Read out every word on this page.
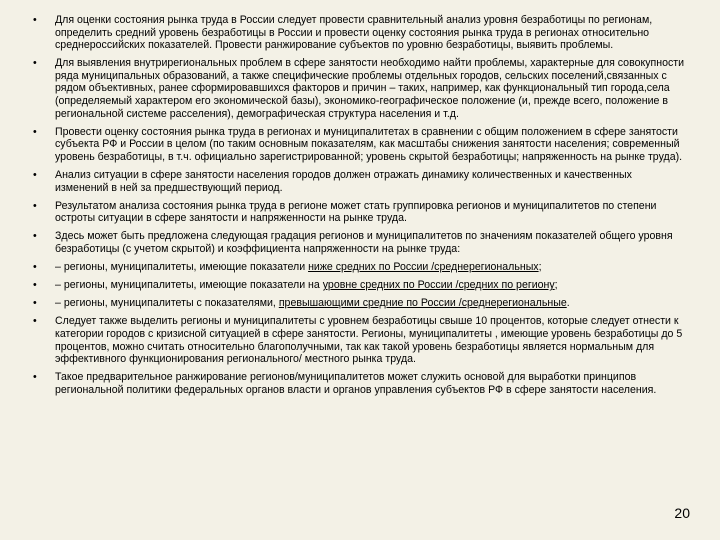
• Для оценки состояния рынка труда в России следует провести сравнительный анализ уровня безработицы по регионам, определить средний уровень безработицы в России и провести оценку состояния рынка труда в регионах относительно среднероссийских показателей. Провести ранжирование субъектов по уровню безработицы, выявить проблемы.
• Для выявления внутрирегиональных проблем в сфере занятости необходимо найти проблемы, характерные для совокупности ряда муниципальных образований, а также специфические проблемы отдельных городов, сельских поселений,связанных с рядом объективных, ранее сформировавшихся факторов и причин – таких, например, как функциональный тип города,села (определяемый характером его экономической базы), экономико-географическое положение (и, прежде всего, положение в региональной системе расселения), демографическая структура населения и т.д.
• Провести оценку состояния рынка труда в регионах и муниципалитетах в сравнении с общим положением в сфере занятости субъекта РФ и России в целом (по таким основным показателям, как масштабы снижения занятости населения; современный уровень безработицы, в т.ч. официально зарегистрированной; уровень скрытой безработицы; напряженность на рынке труда).
• Анализ ситуации в сфере занятости населения городов должен отражать динамику количественных и качественных изменений в ней за предшествующий период.
• Результатом анализа состояния рынка труда в регионе может стать группировка регионов и муниципалитетов по степени остроты ситуации в сфере занятости и напряженности на рынке труда.
• Здесь может быть предложена следующая градация регионов и муниципалитетов по значениям показателей общего уровня безработицы (с учетом скрытой) и коэффициента напряженности на рынке труда:
• – регионы, муниципалитеты, имеющие показатели ниже средних по России /среднерегиональных;
• – регионы, муниципалитеты, имеющие показатели на уровне средних по России /средних по региону;
• – регионы, муниципалитеты с показателями, превышающими средние по России /среднерегиональные.
• Следует также выделить регионы и муниципалитеты с уровнем безработицы свыше 10 процентов, которые следует отнести к категории городов с кризисной ситуацией в сфере занятости. Регионы, муниципалитеты , имеющие уровень безработицы до 5 процентов, можно считать относительно благополучными, так как такой уровень безработицы является нормальным для эффективного функционирования регионального/ местного рынка труда.
• Такое предварительное ранжирование регионов/муниципалитетов может служить основой для выработки принципов региональной политики федеральных органов власти и органов управления субъектов РФ в сфере занятости населения.
20
